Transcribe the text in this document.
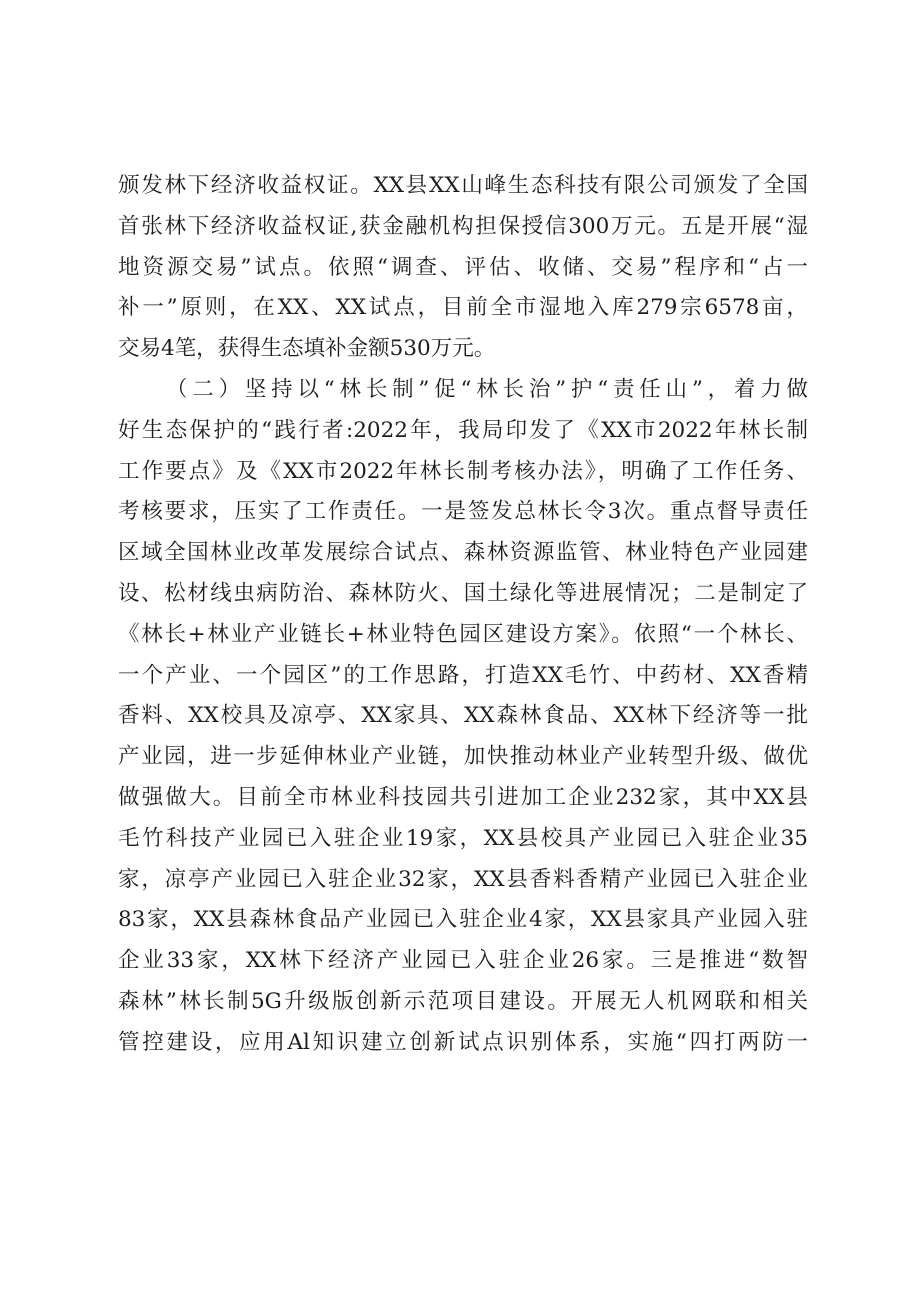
颁发林下经济收益权证。XX县XX山峰生态科技有限公司颁发了全国
首张林下经济收益权证,获金融机构担保授信300万元。五是开展“湿
地资源交易”试点。依照“调查、评估、收储、交易”程序和“占一
补一”原则，在XX、XX试点，目前全市湿地入库279宗6578亩，
交易4笔，获得生态填补金额530万元。
（二）坚持以“林长制”促“林长治”护“责任山”，着力做
好生态保护的“践行者:2022年，我局印发了《XX市2022年林长制
工作要点》及《XX市2022年林长制考核办法》，明确了工作任务、
考核要求，压实了工作责任。一是签发总林长令3次。重点督导责任
区域全国林业改革发展综合试点、森林资源监管、林业特色产业园建
设、松材线虫病防治、森林防火、国土绿化等进展情况；二是制定了
《林长+林业产业链长+林业特色园区建设方案》。依照“一个林长、
一个产业、一个园区”的工作思路，打造XX毛竹、中药材、XX香精
香料、XX校具及凉亭、XX家具、XX森林食品、XX林下经济等一批
产业园，进一步延伸林业产业链，加快推动林业产业转型升级、做优
做强做大。目前全市林业科技园共引进加工企业232家，其中XX县
毛竹科技产业园已入驻企业19家，XX县校具产业园已入驻企业35
家，凉亭产业园已入驻企业32家，XX县香料香精产业园已入驻企业
83家，XX县森林食品产业园已入驻企业4家，XX县家具产业园入驻
企业33家，XX林下经济产业园已入驻企业26家。三是推进“数智
森林”林长制5G升级版创新示范项目建设。开展无人机网联和相关
管控建设，应用Al知识建立创新试点识别体系，实施“四打两防一
